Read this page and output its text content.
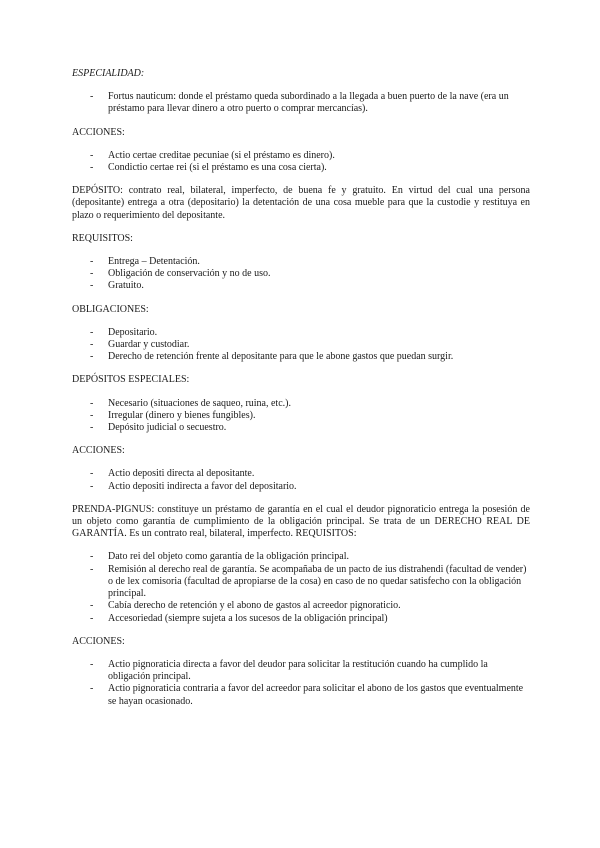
ESPECIALIDAD:

- Fortus nauticum: donde el préstamo queda subordinado a la llegada a buen puerto de la nave (era un préstamo para llevar dinero a otro puerto o comprar mercancías).

ACCIONES:

- Actio certae creditae pecuniae (si el préstamo es dinero).
- Condictio certae rei (si el préstamo es una cosa cierta).

DEPÓSITO: contrato real, bilateral, imperfecto, de buena fe y gratuito. En virtud del cual una persona (depositante) entrega a otra (depositario) la detentación de una cosa mueble para que la custodie y restituya en plazo o requerimiento del depositante.

REQUISITOS:

- Entrega – Detentación.
- Obligación de conservación y no de uso.
- Gratuito.

OBLIGACIONES:

- Depositario.
- Guardar y custodiar.
- Derecho de retención frente al depositante para que le abone gastos que puedan surgir.

DEPÓSITOS ESPECIALES:

- Necesario (situaciones de saqueo, ruina, etc.).
- Irregular (dinero y bienes fungibles).
- Depósito judicial o secuestro.

ACCIONES:

- Actio depositi directa al depositante.
- Actio depositi indirecta a favor del depositario.

PRENDA-PIGNUS: constituye un préstamo de garantía en el cual el deudor pignoraticio entrega la posesión de un objeto como garantía de cumplimiento de la obligación principal. Se trata de un DERECHO REAL DE GARANTÍA. Es un contrato real, bilateral, imperfecto. REQUISITOS:

- Dato rei del objeto como garantía de la obligación principal.
- Remisión al derecho real de garantía. Se acompañaba de un pacto de ius distrahendi (facultad de vender) o de lex comisoria (facultad de apropiarse de la cosa) en caso de no quedar satisfecho con la obligación principal.
- Cabía derecho de retención y el abono de gastos al acreedor pignoraticio.
- Accesoriedad (siempre sujeta a los sucesos de la obligación principal)

ACCIONES:

- Actio pignoraticia directa a favor del deudor para solicitar la restitución cuando ha cumplido la obligación principal.
- Actio pignoraticia contraria a favor del acreedor para solicitar el abono de los gastos que eventualmente se hayan ocasionado.
